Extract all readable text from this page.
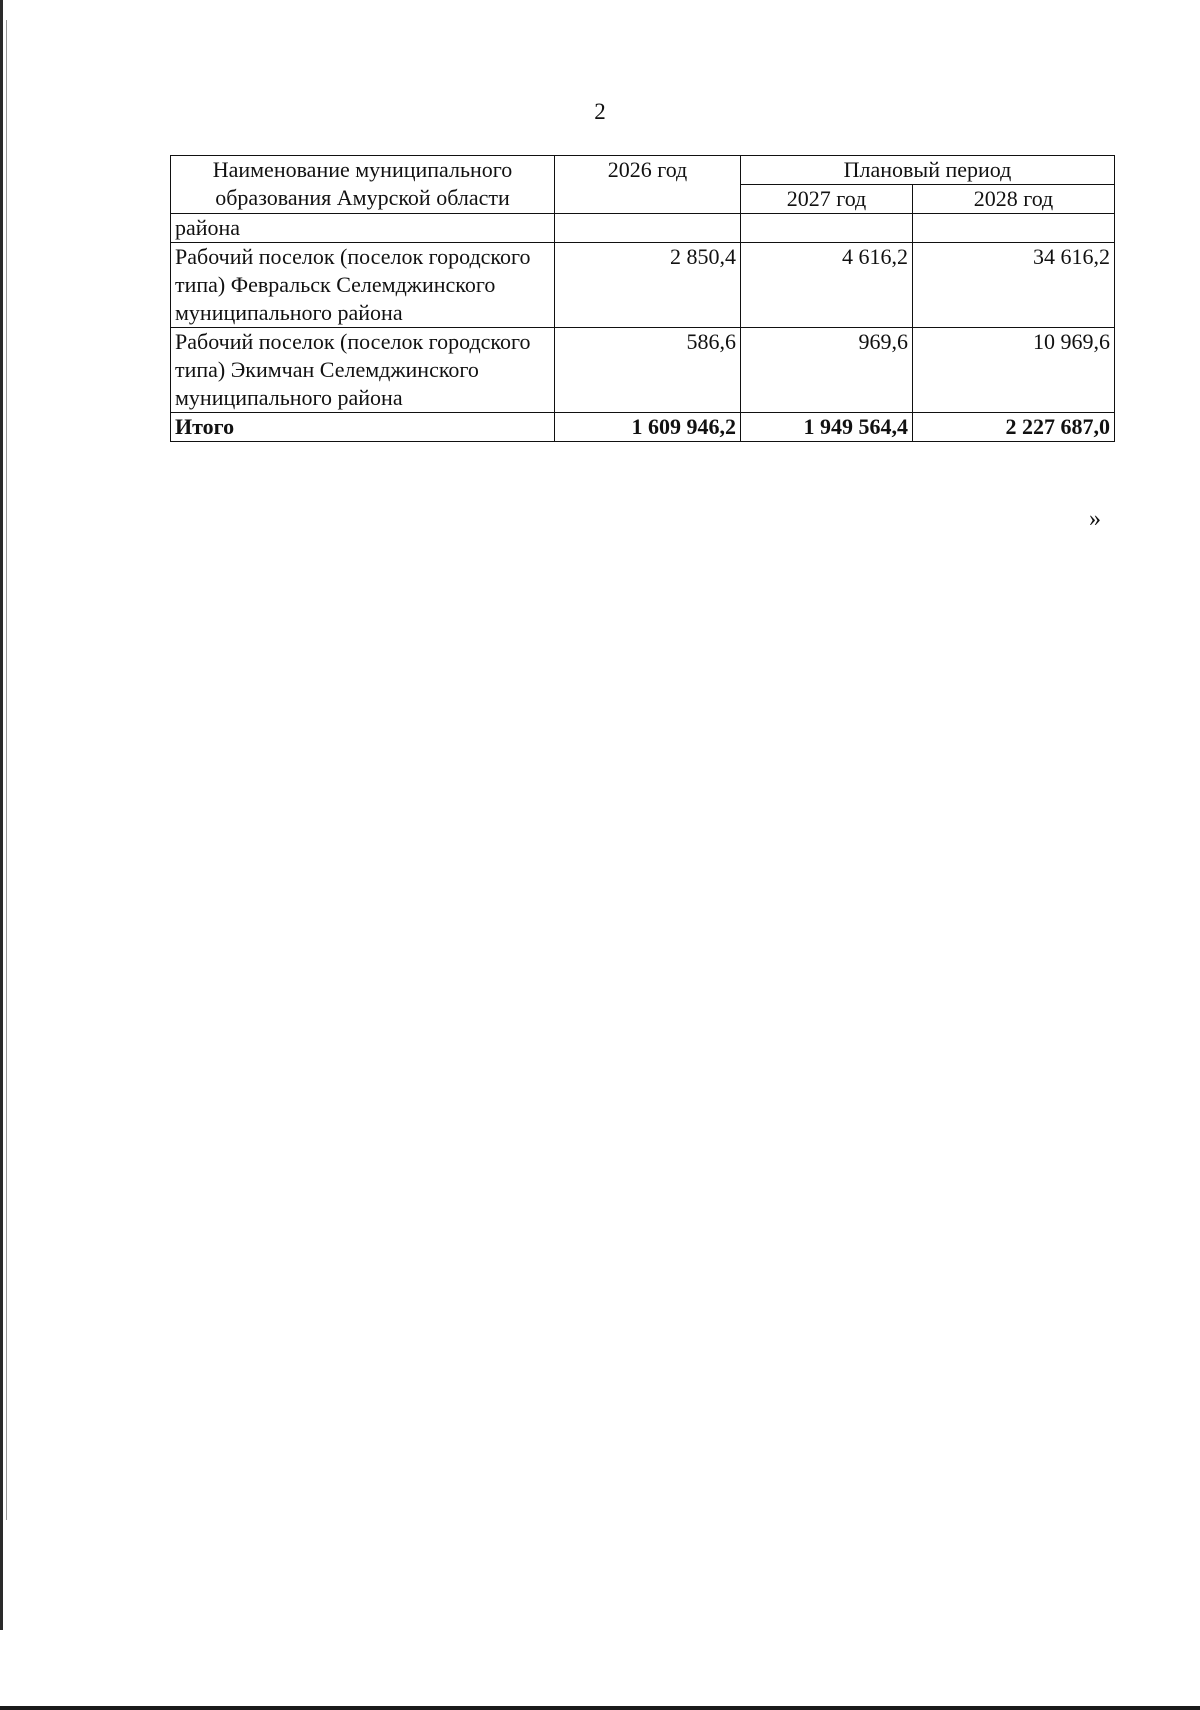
2
Наименование муниципального образования Амурской области	2026 год	Плановый период	
		2027 год	2028 год
района			
Рабочий поселок (поселок городского типа) Февральск Селемджинского муниципального района	2 850,4	4 616,2	34 616,2
Рабочий поселок (поселок городского типа) Экимчан Селемджинского муниципального района	586,6	969,6	10 969,6
Итого	1 609 946,2	1 949 564,4	2 227 687,0
»
